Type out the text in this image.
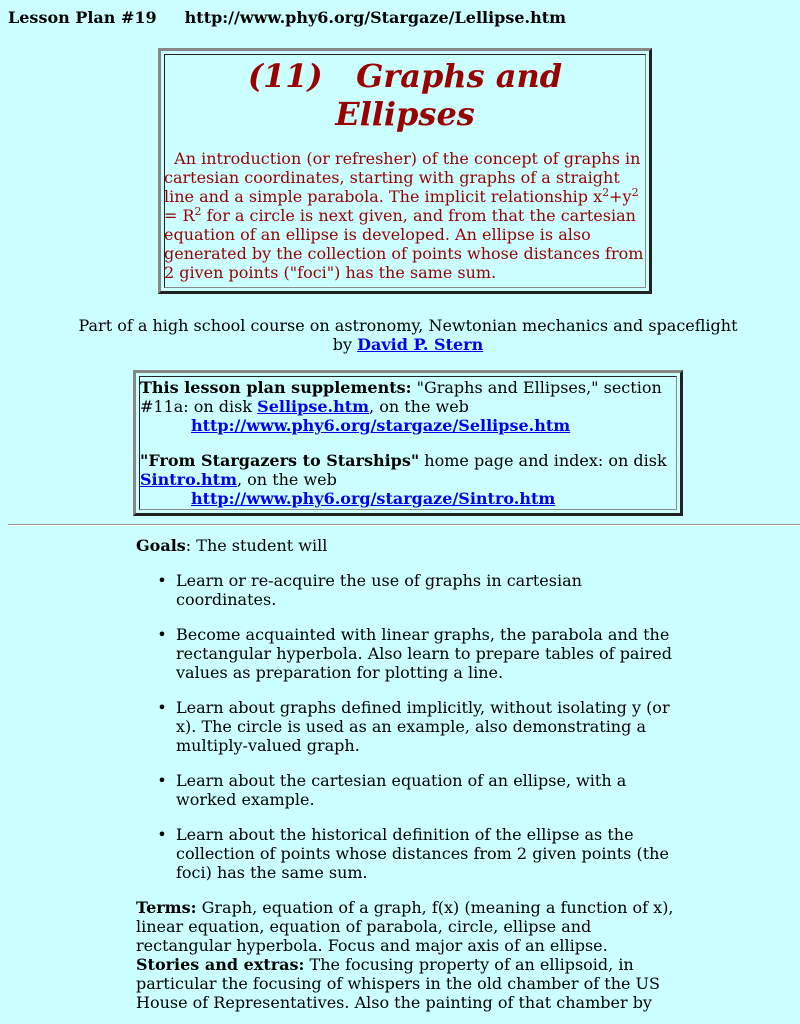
Lesson Plan #19 http://www.phy6.org/Stargaze/Lellipse.htm
(11)   Graphs and
Ellipses
An introduction (or refresher) of the concept of graphs in
cartesian coordinates, starting with graphs of a straight
line and a simple parabola. The implicit relationship $x^2+y^2$
= $R^2$ for a circle is next given, and from that the cartesian
equation of an ellipse is developed. An ellipse is also
generated by the collection of points whose distances from
2 given points ("foci") has the same sum.
Part of a high school course on astronomy, Newtonian mechanics and spaceflight
by David P. Stern
This lesson plan supplements: "Graphs and Ellipses," section
#11a: on disk Sellipse.htm, on the web
http://www.phy6.org/stargaze/Sellipse.htm
"From Stargazers to Starships" home page and index: on disk
Sintro.htm, on the web
http://www.phy6.org/stargaze/Sintro.htm

Goals: The student will

• Learn or re-acquire the use of graphs in cartesian coordinates.
• Become acquainted with linear graphs, the parabola and the rectangular hyperbola. Also learn to prepare tables of paired values as preparation for plotting a line.
• Learn about graphs defined implicitly, without isolating y (or x). The circle is used as an example, also demonstrating a multiply-valued graph.
• Learn about the cartesian equation of an ellipse, with a worked example.
• Learn about the historical definition of the ellipse as the collection of points whose distances from 2 given points (the foci) has the same sum.

Terms: Graph, equation of a graph, f(x) (meaning a function of x), linear equation, equation of parabola, circle, ellipse and rectangular hyperbola. Focus and major axis of an ellipse.

Stories and extras: The focusing property of an ellipsoid, in particular the focusing of whispers in the old chamber of the US House of Representatives. Also the painting of that chamber by
